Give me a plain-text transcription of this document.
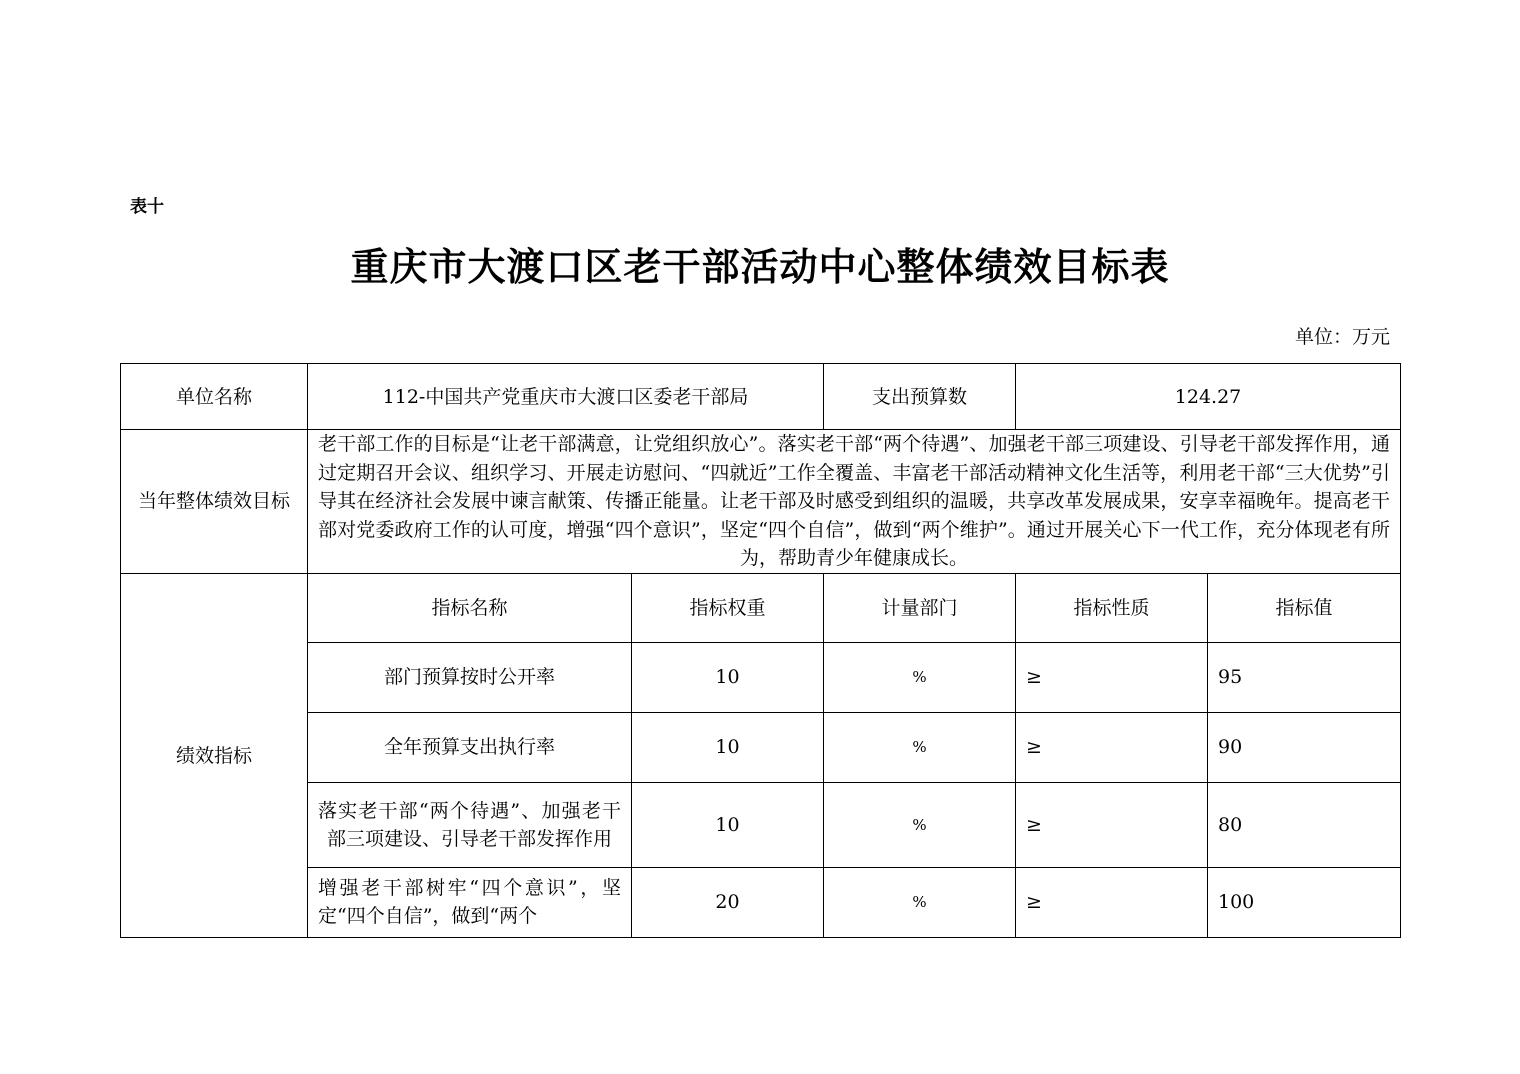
表十
重庆市大渡口区老干部活动中心整体绩效目标表
单位：万元
单位名称	112-中国共产党重庆市大渡口区委老干部局		支出预算数	124.27	
当年整体绩效目标	老干部工作的目标是“让老干部满意，让党组织放心”。落实老干部“两个待遇”、加强老干部三项建设、引导老干部发挥作用，通过定期召开会议、组织学习、开展走访慰问、“四就近”工作全覆盖、丰富老干部活动精神文化生活等，利用老干部“三大优势”引导其在经济社会发展中谏言献策、传播正能量。让老干部及时感受到组织的温暖，共享改革发展成果，安享幸福晚年。提高老干部对党委政府工作的认可度，增强“四个意识”，坚定“四个自信”，做到“两个维护”。通过开展关心下一代工作，充分体现老有所为，帮助青少年健康成长。				
绩效指标	指标名称	指标权重	计量部门	指标性质	指标值
	部门预算按时公开率	10	%	≥	95
	全年预算支出执行率	10	%	≥	90
	落实老干部“两个待遇”、加强老干部三项建设、引导老干部发挥作用	10	%	≥	80

	增强老干部树牢“四个意识”，坚定“四个自信”，做到“两个	20	%	≥	100
